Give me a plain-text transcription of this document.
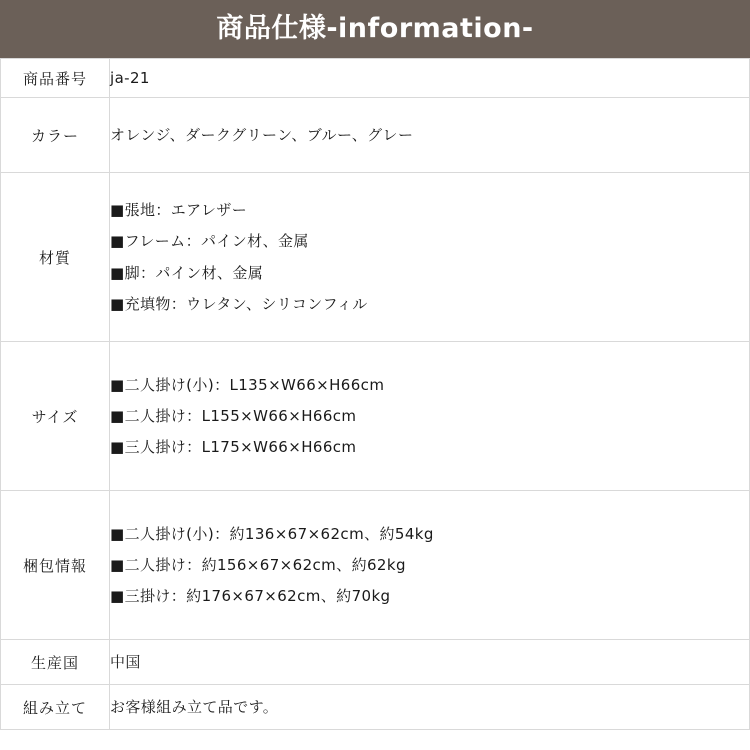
商品仕様-information-
商品番号	ja-21

カラー	オレンジ、ダークグリーン、ブルー、グレー

材質	■張地：エアレザー
■フレーム：パイン材、金属
■脚：パイン材、金属
■充填物：ウレタン、シリコンフィル

サイズ	■二人掛け(小)：L135×W66×H66cm
■二人掛け：L155×W66×H66cm
■三人掛け：L175×W66×H66cm

梱包情報	■二人掛け(小)：約136×67×62cm、約54kg
■二人掛け：約156×67×62cm、約62kg
■三掛け：約176×67×62cm、約70kg

生産国	中国

組み立て	お客様組み立て品です。
